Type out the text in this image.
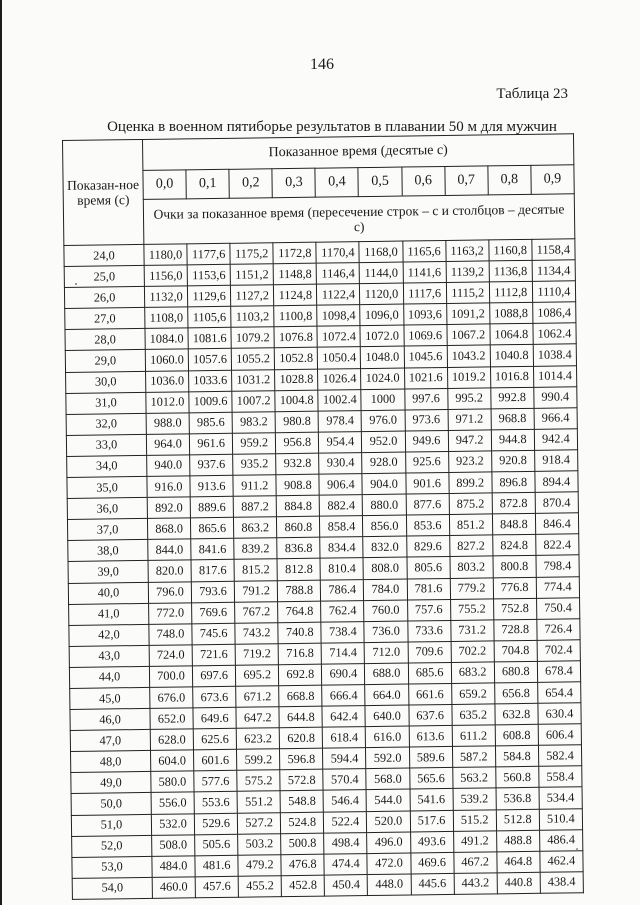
146
Таблица 23
Оценка в военном пятиборье результатов в плавании 50 м для мужчин
Показан-ное время (с)	Показанное время (десятые с)									
	0,0	0,1	0,2	0,3	0,4	0,5	0,6	0,7	0,8	0,9
	Очки за показанное время (пересечение строк – с и столбцов – десятые с)									
24,0	1180,0	1177,6	1175,2	1172,8	1170,4	1168,0	1165,6	1163,2	1160,8	1158,4
25,0	1156,0	1153,6	1151,2	1148,8	1146,4	1144,0	1141,6	1139,2	1136,8	1134,4
26,0	1132,0	1129,6	1127,2	1124,8	1122,4	1120,0	1117,6	1115,2	1112,8	1110,4
27,0	1108,0	1105,6	1103,2	1100,8	1098,4	1096,0	1093,6	1091,2	1088,8	1086,4
28,0	1084.0	1081.6	1079.2	1076.8	1072.4	1072.0	1069.6	1067.2	1064.8	1062.4
29,0	1060.0	1057.6	1055.2	1052.8	1050.4	1048.0	1045.6	1043.2	1040.8	1038.4
30,0	1036.0	1033.6	1031.2	1028.8	1026.4	1024.0	1021.6	1019.2	1016.8	1014.4
31,0	1012.0	1009.6	1007.2	1004.8	1002.4	1000	997.6	995.2	992.8	990.4
32,0	988.0	985.6	983.2	980.8	978.4	976.0	973.6	971.2	968.8	966.4
33,0	964.0	961.6	959.2	956.8	954.4	952.0	949.6	947.2	944.8	942.4
34,0	940.0	937.6	935.2	932.8	930.4	928.0	925.6	923.2	920.8	918.4
35,0	916.0	913.6	911.2	908.8	906.4	904.0	901.6	899.2	896.8	894.4
36,0	892.0	889.6	887.2	884.8	882.4	880.0	877.6	875.2	872.8	870.4
37,0	868.0	865.6	863.2	860.8	858.4	856.0	853.6	851.2	848.8	846.4
38,0	844.0	841.6	839.2	836.8	834.4	832.0	829.6	827.2	824.8	822.4
39,0	820.0	817.6	815.2	812.8	810.4	808.0	805.6	803.2	800.8	798.4
40,0	796.0	793.6	791.2	788.8	786.4	784.0	781.6	779.2	776.8	774.4
41,0	772.0	769.6	767.2	764.8	762.4	760.0	757.6	755.2	752.8	750.4
42,0	748.0	745.6	743.2	740.8	738.4	736.0	733.6	731.2	728.8	726.4
43,0	724.0	721.6	719.2	716.8	714.4	712.0	709.6	702.2	704.8	702.4
44,0	700.0	697.6	695.2	692.8	690.4	688.0	685.6	683.2	680.8	678.4
45,0	676.0	673.6	671.2	668.8	666.4	664.0	661.6	659.2	656.8	654.4
46,0	652.0	649.6	647.2	644.8	642.4	640.0	637.6	635.2	632.8	630.4
47,0	628.0	625.6	623.2	620.8	618.4	616.0	613.6	611.2	608.8	606.4
48,0	604.0	601.6	599.2	596.8	594.4	592.0	589.6	587.2	584.8	582.4
49,0	580.0	577.6	575.2	572.8	570.4	568.0	565.6	563.2	560.8	558.4
50,0	556.0	553.6	551.2	548.8	546.4	544.0	541.6	539.2	536.8	534.4
51,0	532.0	529.6	527.2	524.8	522.4	520.0	517.6	515.2	512.8	510.4
52,0	508.0	505.6	503.2	500.8	498.4	496.0	493.6	491.2	488.8	486.4
53,0	484.0	481.6	479.2	476.8	474.4	472.0	469.6	467.2	464.8	462.4
54,0	460.0	457.6	455.2	452.8	450.4	448.0	445.6	443.2	440.8	438.4
